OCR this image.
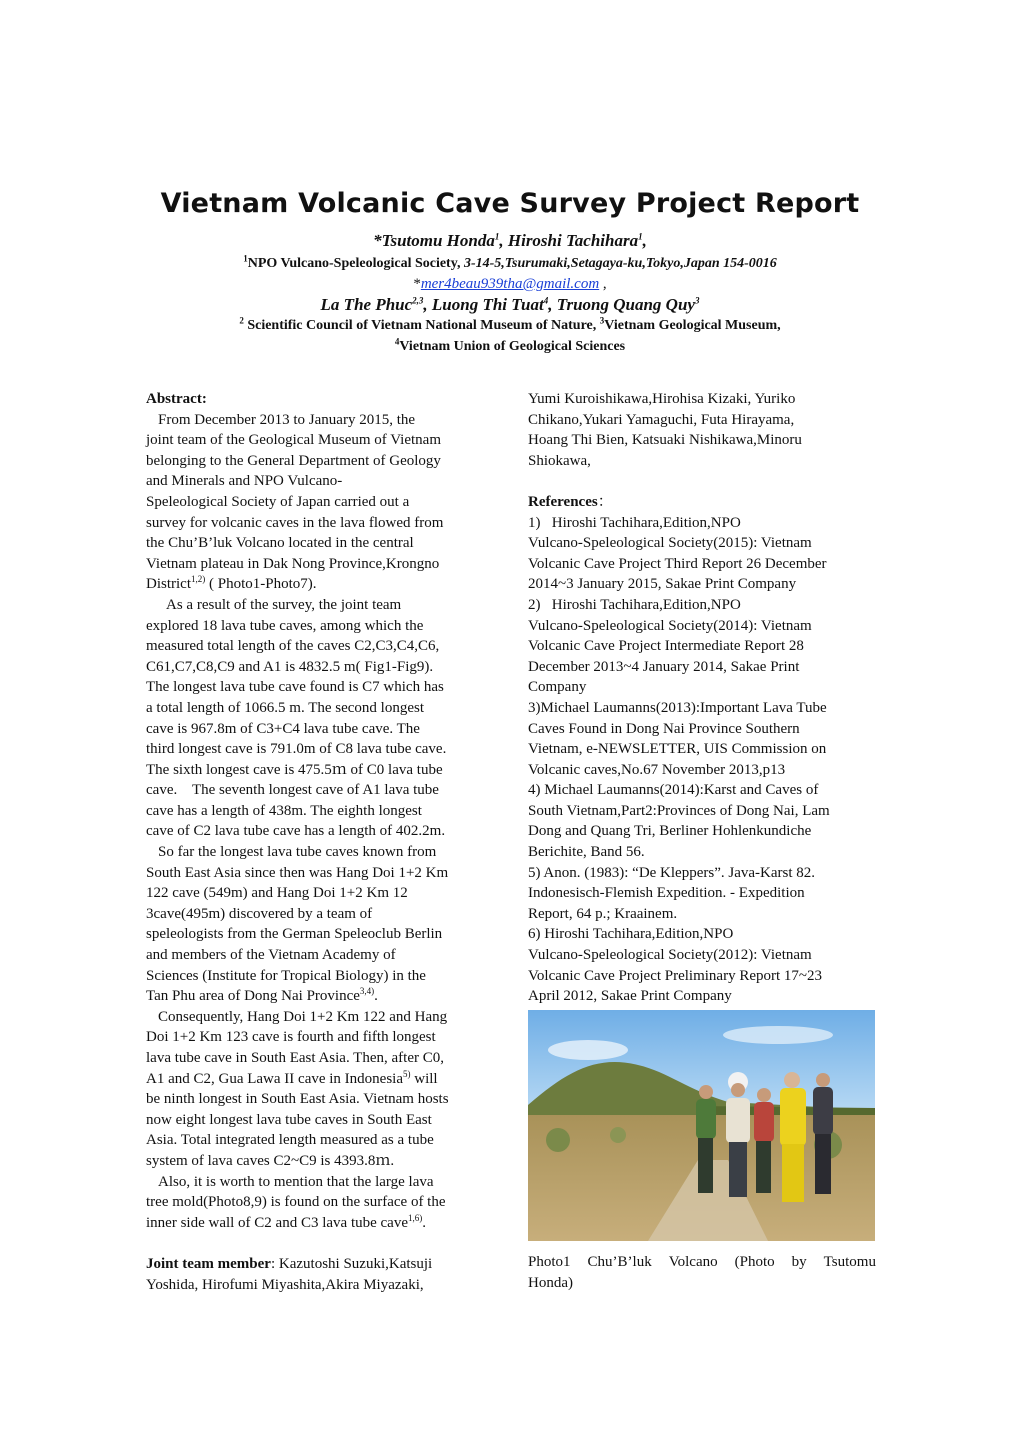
Vietnam Volcanic Cave Survey Project Report
*Tsutomu Honda$^1$, Hiroshi Tachihara$^1$,
$^1$NPO Vulcano-Speleological Society, 3-14-5,Tsurumaki,Setagaya-ku,Tokyo,Japan 154-0016
*mer4beau939tha@gmail.com ,
La The Phuc$^{2,3}$, Luong Thi Tuat$^4$, Truong Quang Quy$^3$
$^2$ Scientific Council of Vietnam National Museum of Nature, $^3$Vietnam Geological Museum,
$^4$Vietnam Union of Geological Sciences

Abstract:

From December 2013 to January 2015, the

joint team of the Geological Museum of Vietnam

belonging to the General Department of Geology

and Minerals and NPO Vulcano-

Speleological Society of Japan carried out a

survey for volcanic caves in the lava flowed from

the Chu’B’luk Volcano located in the central

Vietnam plateau in Dak Nong Province,Krongno

District$^{1,2)}$ ( Photo1-Photo7).

As a result of the survey, the joint team

explored 18 lava tube caves, among which the

measured total length of the caves C2,C3,C4,C6,

C61,C7,C8,C9 and A1 is 4832.5 m( Fig1-Fig9).

The longest lava tube cave found is C7 which has

a total length of 1066.5 m. The second longest

cave is 967.8m of C3+C4 lava tube cave. The

third longest cave is 791.0m of C8 lava tube cave.

The sixth longest cave is 475.5ｍ of C0 lava tube

cave.    The seventh longest cave of A1 lava tube

cave has a length of 438m. The eighth longest

cave of C2 lava tube cave has a length of 402.2m.

So far the longest lava tube caves known from

South East Asia since then was Hang Doi 1+2 Km

122 cave (549m) and Hang Doi 1+2 Km 12

3cave(495m) discovered by a team of

speleologists from the German Speleoclub Berlin

and members of the Vietnam Academy of

Sciences (Institute for Tropical Biology) in the

Tan Phu area of Dong Nai Province$^{3,4)}$.

Consequently, Hang Doi 1+2 Km 122 and Hang

Doi 1+2 Km 123 cave is fourth and fifth longest

lava tube cave in South East Asia. Then, after C0,

A1 and C2, Gua Lawa II cave in Indonesia$^{5)}$ will

be ninth longest in South East Asia. Vietnam hosts

now eight longest lava tube caves in South East

Asia. Total integrated length measured as a tube

system of lava caves C2~C9 is 4393.8ｍ.

Also, it is worth to mention that the large lava

tree mold(Photo8,9) is found on the surface of the

inner side wall of C2 and C3 lava tube cave$^{1,6)}$.

Joint team member: Kazutoshi Suzuki,Katsuji

Yoshida, Hirofumi Miyashita,Akira Miyazaki,

Yumi Kuroishikawa,Hirohisa Kizaki, Yuriko

Chikano,Yukari Yamaguchi, Futa Hirayama,

Hoang Thi Bien, Katsuaki Nishikawa,Minoru

Shiokawa,

References：

1)   Hiroshi Tachihara,Edition,NPO

Vulcano-Speleological Society(2015): Vietnam

Volcanic Cave Project Third Report 26 December

2014~3 January 2015, Sakae Print Company

2)   Hiroshi Tachihara,Edition,NPO

Vulcano-Speleological Society(2014): Vietnam

Volcanic Cave Project Intermediate Report 28

December 2013~4 January 2014, Sakae Print

Company

3)Michael Laumanns(2013):Important Lava Tube

Caves Found in Dong Nai Province Southern

Vietnam, e-NEWSLETTER, UIS Commission on

Volcanic caves,No.67 November 2013,p13

4) Michael Laumanns(2014):Karst and Caves of

South Vietnam,Part2:Provinces of Dong Nai, Lam

Dong and Quang Tri, Berliner Hohlenkundiche

Berichite, Band 56.

5) Anon. (1983): “De Kleppers”. Java-Karst 82.

Indonesisch-Flemish Expedition. - Expedition

Report, 64 p.; Kraainem.

6) Hiroshi Tachihara,Edition,NPO

Vulcano-Speleological Society(2012): Vietnam

Volcanic Cave Project Preliminary Report 17~23

April 2012, Sakae Print Company

Photo1 Chu’B’luk Volcano (Photo by Tsutomu
Honda)
